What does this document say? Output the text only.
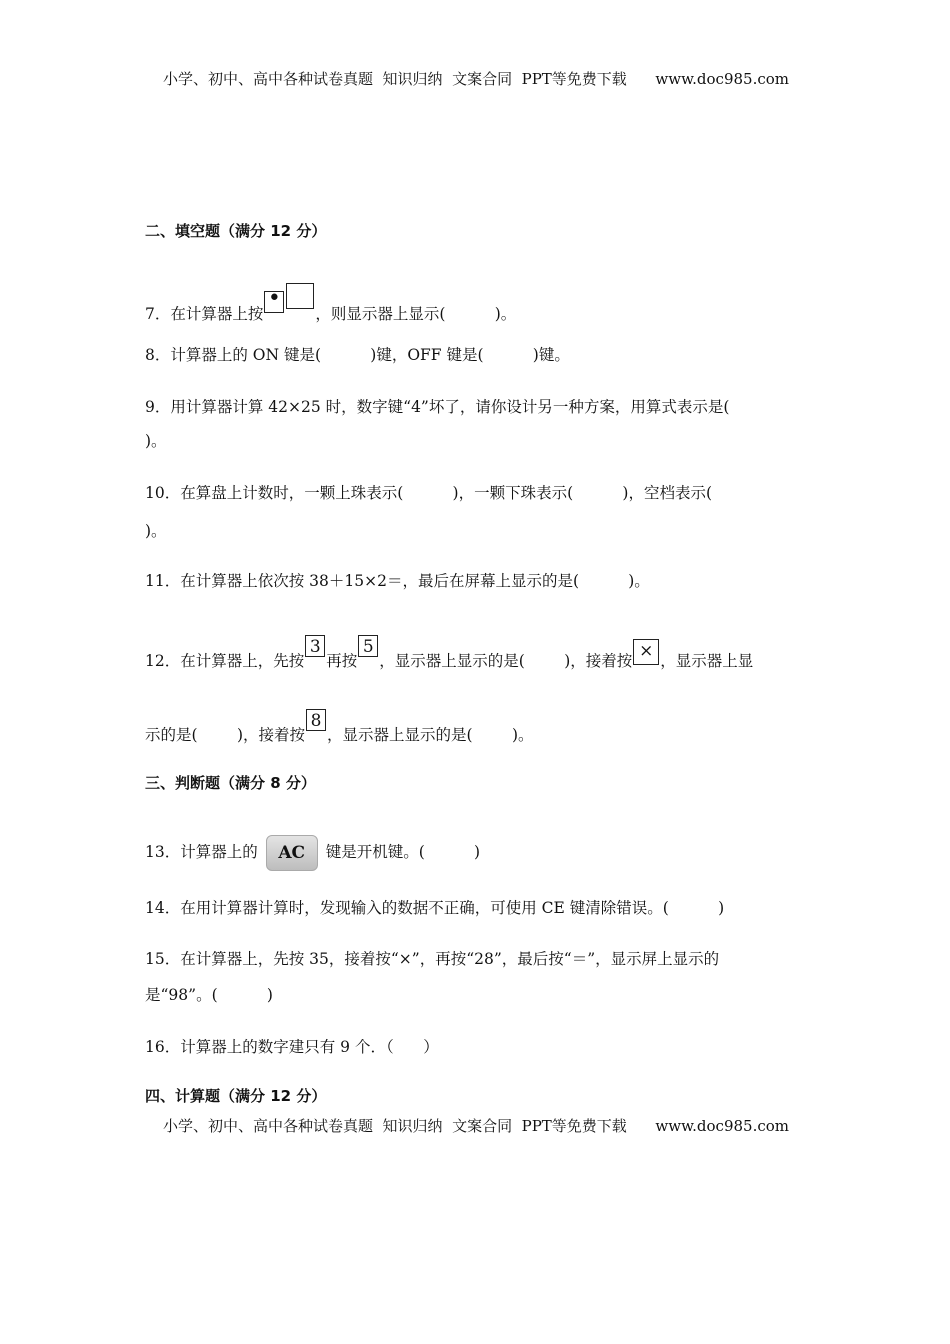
小学、初中、高中各种试卷真题  知识归纳  文案合同  PPT等免费下载 www.doc985.com
二、填空题（满分 12 分）
7．在计算器上按•，则显示器上显示(          )。
8．计算器上的 ON 键是(          )键，OFF 键是(          )键。
9．用计算器计算 42×25 时，数字键“4”坏了，请你设计另一种方案，用算式表示是(
)。
10．在算盘上计数时，一颗上珠表示(          )，一颗下珠表示(          )，空档表示(
)。
11．在计算器上依次按 38＋15×2＝，最后在屏幕上显示的是(          )。
12．在计算器上，先按3再按5，显示器上显示的是(        )，接着按 × ，显示器上显
示的是(        )，接着按8，显示器上显示的是(        )。
三、判断题（满分 8 分）
13．计算器上的 AC 键是开机键。(          )
14．在用计算器计算时，发现输入的数据不正确，可使用 CE 键清除错误。(          )
15．在计算器上，先按 35，接着按“×”，再按“28”，最后按“＝”，显示屏上显示的
是“98”。(          )
16．计算器上的数字建只有 9 个．（      ）
四、计算题（满分 12 分）
小学、初中、高中各种试卷真题  知识归纳  文案合同  PPT等免费下载 www.doc985.com
